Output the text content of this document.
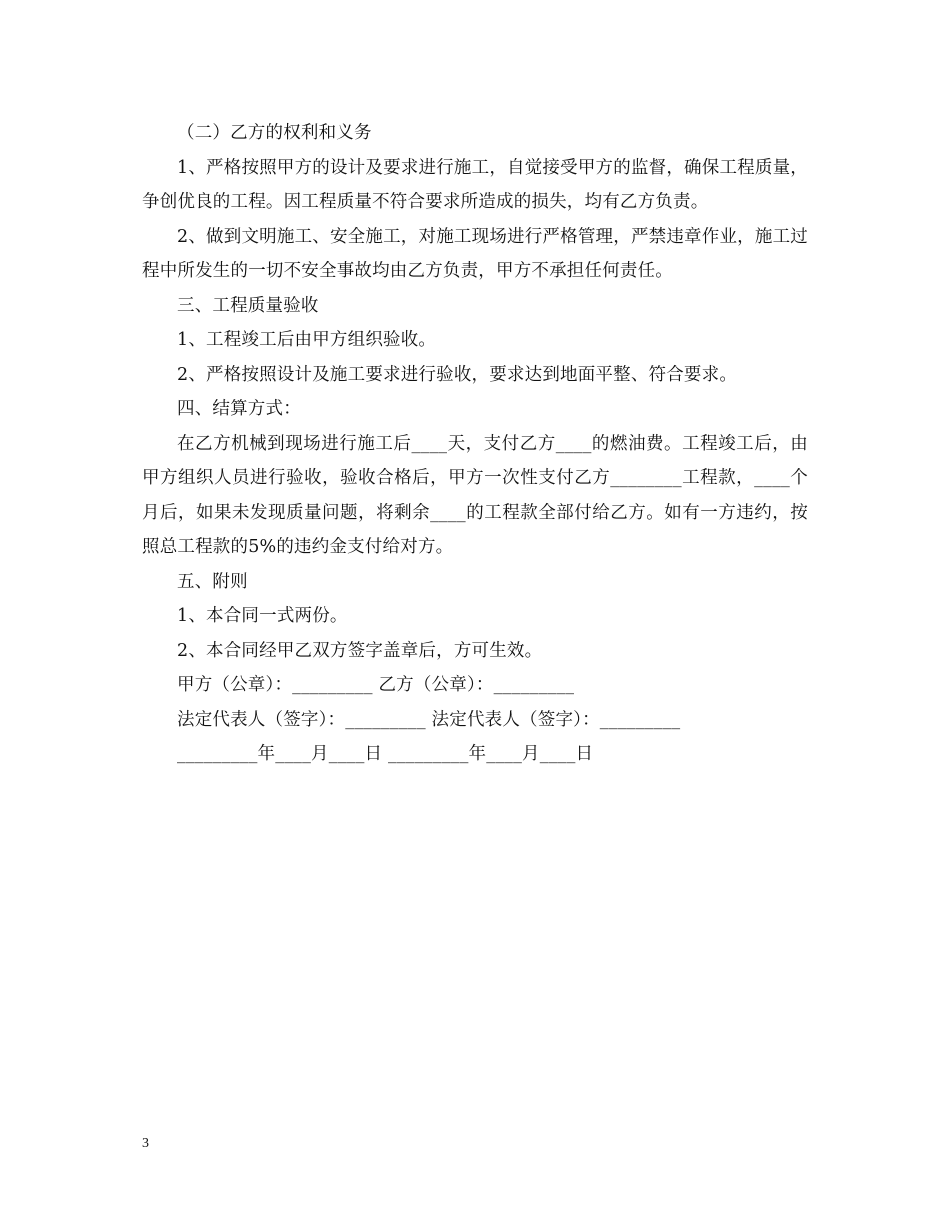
（二）乙方的权利和义务

1、严格按照甲方的设计及要求进行施工，自觉接受甲方的监督，确保工程质量，争创优良的工程。因工程质量不符合要求所造成的损失，均有乙方负责。

2、做到文明施工、安全施工，对施工现场进行严格管理，严禁违章作业，施工过程中所发生的一切不安全事故均由乙方负责，甲方不承担任何责任。

三、工程质量验收

1、工程竣工后由甲方组织验收。

2、严格按照设计及施工要求进行验收，要求达到地面平整、符合要求。

四、结算方式：

在乙方机械到现场进行施工后____天，支付乙方____的燃油费。工程竣工后，由甲方组织人员进行验收，验收合格后，甲方一次性支付乙方________工程款，____个月后，如果未发现质量问题，将剩余____的工程款全部付给乙方。如有一方违约，按照总工程款的5%的违约金支付给对方。

五、附则

1、本合同一式两份。

2、本合同经甲乙双方签字盖章后，方可生效。

甲方（公章）：_________ 乙方（公章）：_________

法定代表人（签字）：_________ 法定代表人（签字）：_________

_________年____月____日 _________年____月____日

3
